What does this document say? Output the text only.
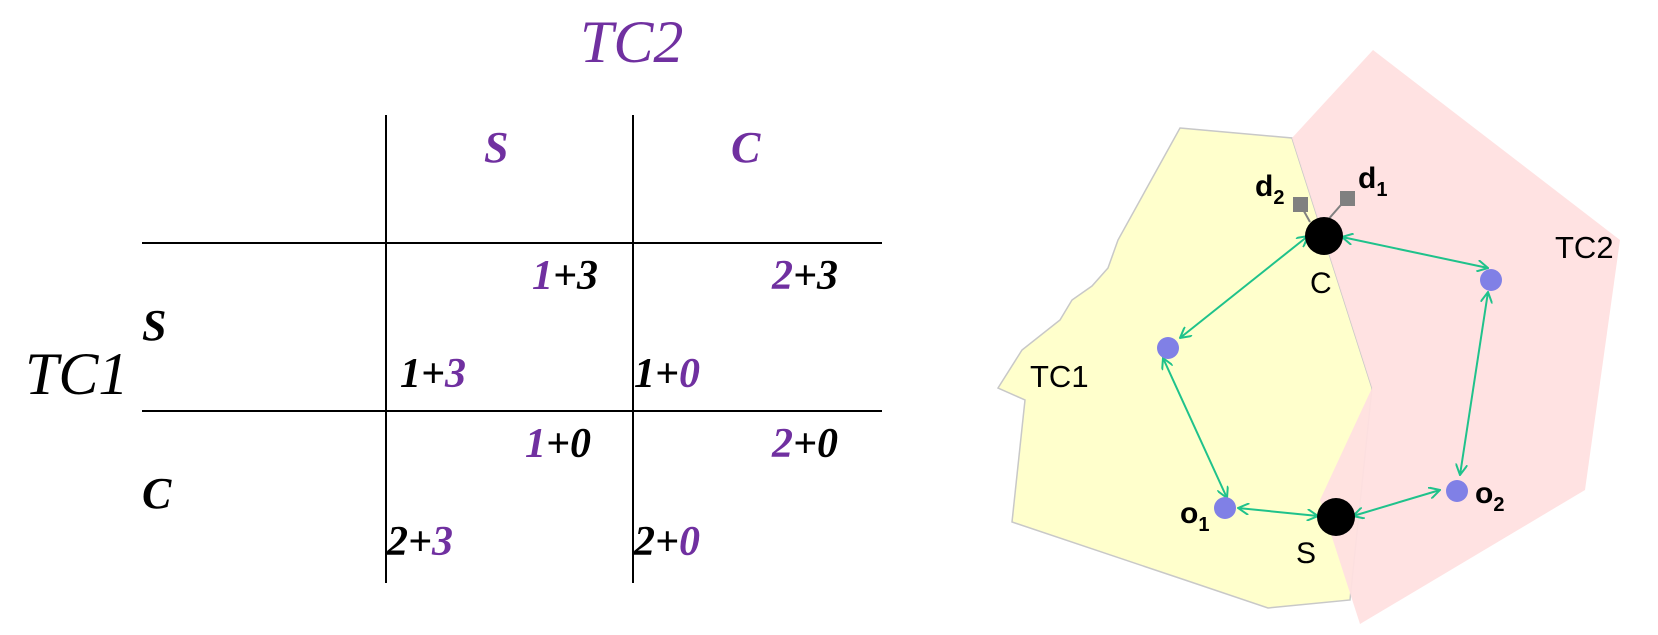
TC2
TC1
S	C
S
C
1+3
1+3
2+3
1+0
1+0
2+3
2+0
2+0
TC1
TC2
C
S
$d_2$
$d_1$
$o_1$
$o_2$
